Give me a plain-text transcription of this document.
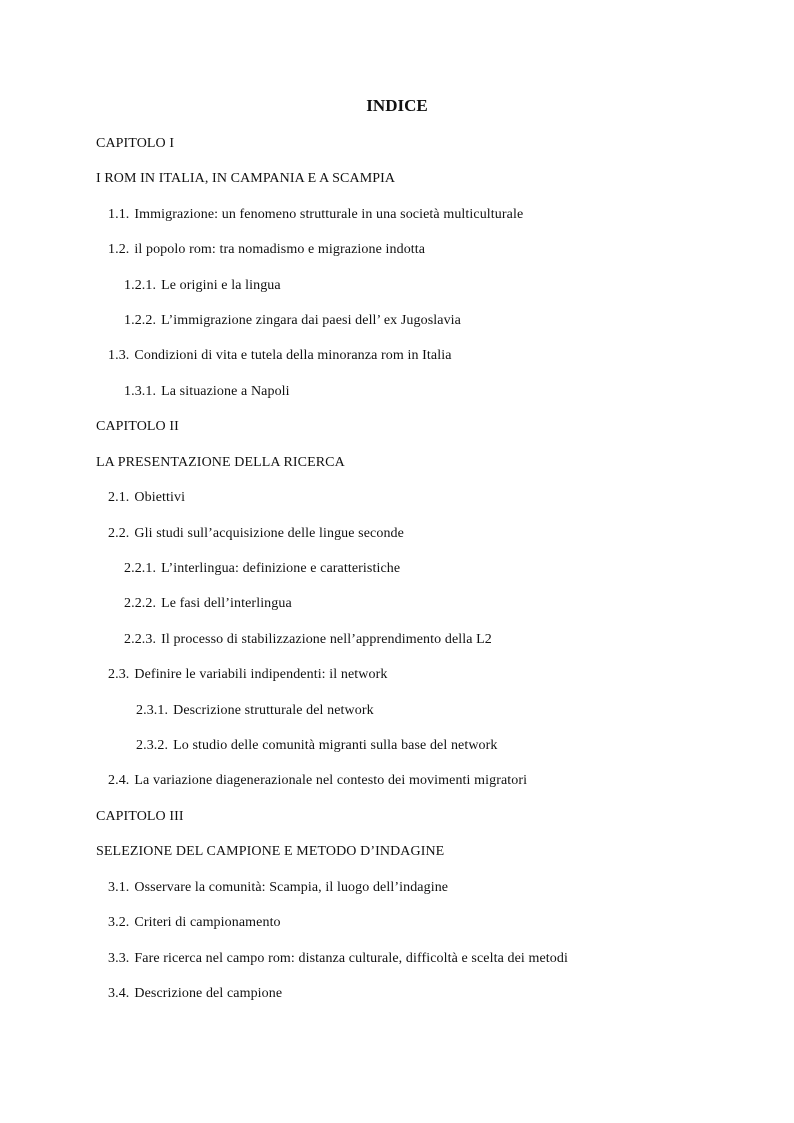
INDICE
CAPITOLO I
I ROM IN ITALIA, IN CAMPANIA E A SCAMPIA
1.1. Immigrazione: un fenomeno strutturale in una società multiculturale
1.2. il popolo rom: tra nomadismo e migrazione indotta
1.2.1. Le origini e la lingua
1.2.2. L’immigrazione zingara dai paesi dell’ ex Jugoslavia
1.3. Condizioni di vita e tutela della minoranza rom in Italia
1.3.1. La situazione a Napoli
CAPITOLO II
LA PRESENTAZIONE DELLA RICERCA
2.1. Obiettivi
2.2. Gli studi sull’acquisizione delle lingue seconde
2.2.1. L’interlingua: definizione e caratteristiche
2.2.2. Le fasi dell’interlingua
2.2.3. Il processo di stabilizzazione nell’apprendimento della L2
2.3. Definire le variabili indipendenti: il network
2.3.1. Descrizione strutturale del network
2.3.2. Lo studio delle comunità migranti sulla base del network
2.4. La variazione diagenerazionale nel contesto dei movimenti migratori
CAPITOLO III
SELEZIONE DEL CAMPIONE E METODO D’INDAGINE
3.1. Osservare la comunità: Scampia, il luogo dell’indagine
3.2. Criteri di campionamento
3.3. Fare ricerca nel campo rom: distanza culturale, difficoltà e scelta dei metodi
3.4. Descrizione del campione
